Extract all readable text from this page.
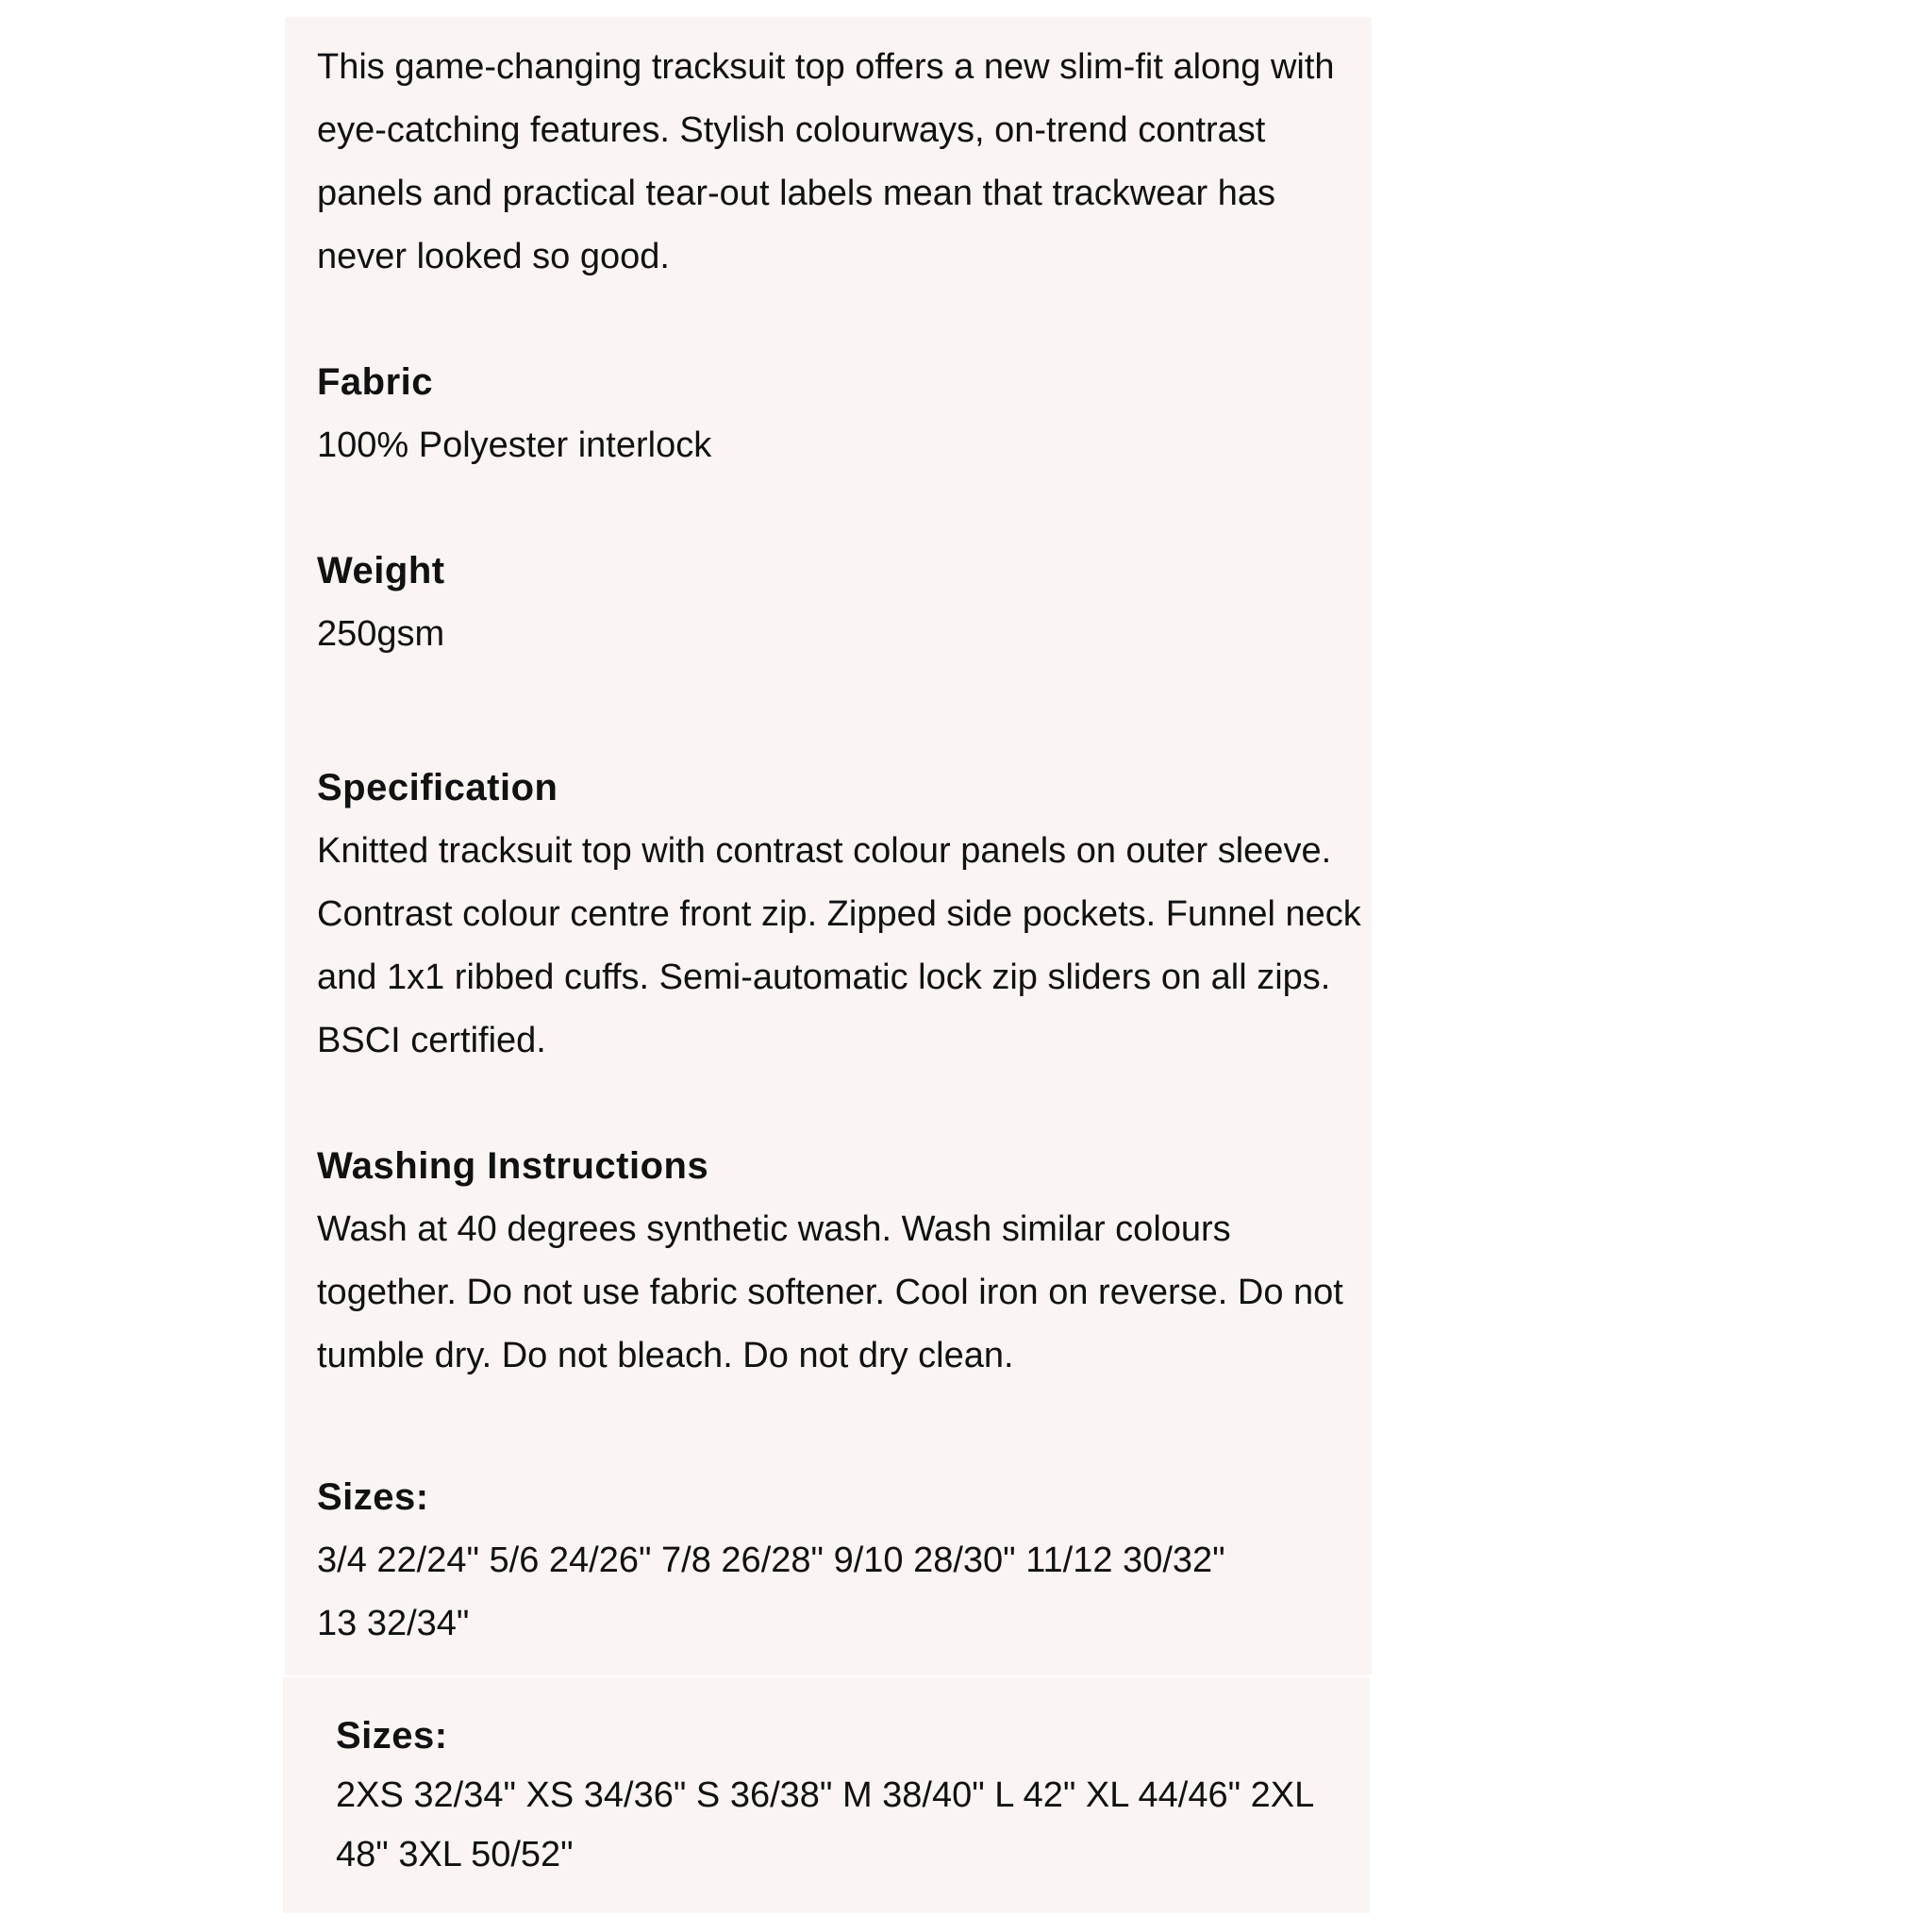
This game-changing tracksuit top offers a new slim-fit along with eye-catching features. Stylish colourways, on-trend contrast panels and practical tear-out labels mean that trackwear has never looked so good.

Fabric

100% Polyester interlock

Weight

250gsm

Specification

Knitted tracksuit top with contrast colour panels on outer sleeve. Contrast colour centre front zip. Zipped side pockets. Funnel neck and 1x1 ribbed cuffs. Semi-automatic lock zip sliders on all zips. BSCI certified.

Washing Instructions

Wash at 40 degrees synthetic wash. Wash similar colours together. Do not use fabric softener. Cool iron on reverse. Do not tumble dry. Do not bleach. Do not dry clean.

Sizes:

3/4 22/24" 5/6 24/26" 7/8 26/28" 9/10 28/30" 11/12 30/32" 13 32/34"

Sizes:

2XS 32/34" XS 34/36" S 36/38" M 38/40" L 42" XL 44/46" 2XL 48" 3XL 50/52"
